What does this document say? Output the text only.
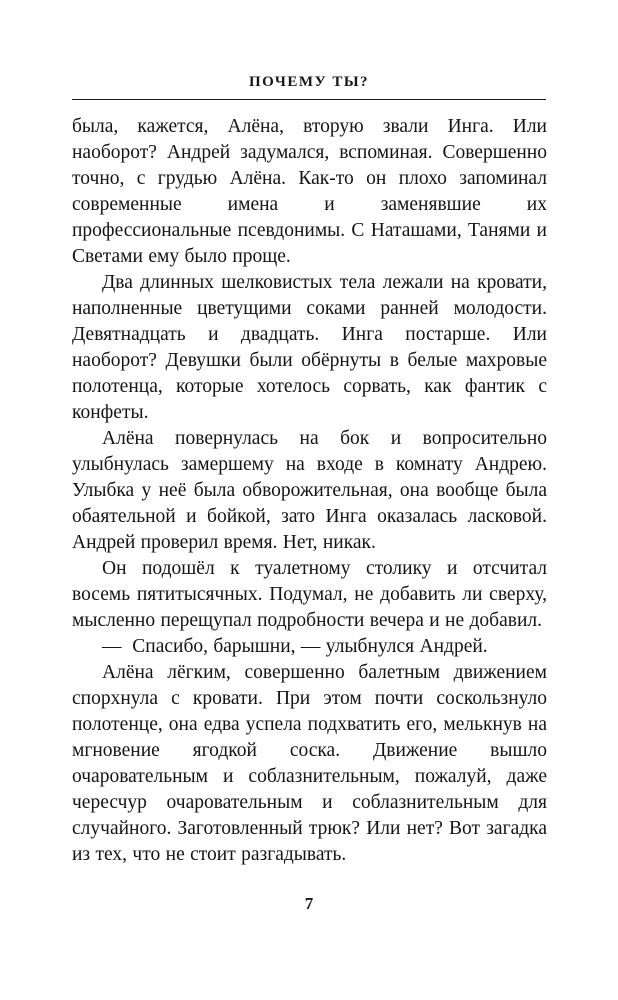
ПОЧЕМУ ТЫ?

была, кажется, Алёна, вторую звали Инга. Или наоборот? Андрей задумался, вспоминая. Совершенно точно, с грудью Алёна. Как-то он плохо запоминал современные имена и заменявшие их профессиональные псевдонимы. С Наташами, Танями и Светами ему было проще.

Два длинных шелковистых тела лежали на кровати, наполненные цветущими соками ранней молодости. Девятнадцать и двадцать. Инга постарше. Или наоборот? Девушки были обёрнуты в белые махровые полотенца, которые хотелось сорвать, как фантик с конфеты.

Алёна повернулась на бок и вопросительно улыбнулась замершему на входе в комнату Андрею. Улыбка у неё была обворожительная, она вообще была обаятельной и бойкой, зато Инга оказалась ласковой. Андрей проверил время. Нет, никак.

Он подошёл к туалетному столику и отсчитал восемь пятитысячных. Подумал, не добавить ли сверху, мысленно перещупал подробности вечера и не добавил.

—  Спасибо, барышни, — улыбнулся Андрей.

Алёна лёгким, совершенно балетным движением спорхнула с кровати. При этом почти соскользнуло полотенце, она едва успела подхватить его, мелькнув на мгновение ягодкой соска. Движение вышло очаровательным и соблазнительным, пожалуй, даже чересчур очаровательным и соблазнительным для случайного. Заготовленный трюк? Или нет? Вот загадка из тех, что не стоит разгадывать.

7
